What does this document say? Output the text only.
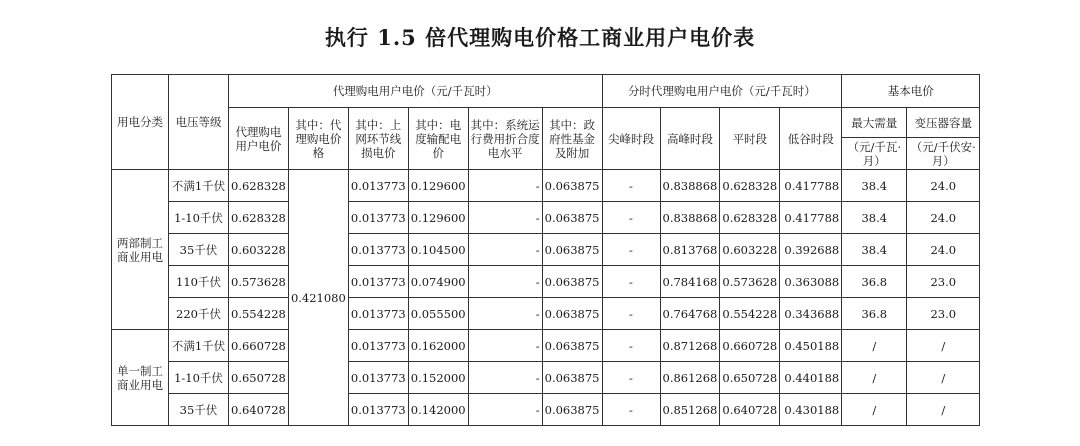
执行 1.5 倍代理购电价格工商业用户电价表
用电分类	电压等级	代理购电用户电价（元/千瓦时）						分时代理购电用户电价（元/千瓦时）				基本电价	
		代理购电用户电价	其中：代理购电价格	其中：上网环节线损电价	其中：电度输配电价	其中：系统运行费用折合度电水平	其中：政府性基金及附加	尖峰时段	高峰时段	平时段	低谷时段	最大需量	变压器容量
												（元/千瓦·月）	（元/千伏安·月）
两部制工商业用电	不满1千伏	0.628328	0.421080	0.013773	0.129600	-	0.063875	-	0.838868	0.628328	0.417788	38.4	24.0
	1-10千伏	0.628328		0.013773	0.129600	-	0.063875	-	0.838868	0.628328	0.417788	38.4	24.0
	35千伏	0.603228		0.013773	0.104500	-	0.063875	-	0.813768	0.603228	0.392688	38.4	24.0
	110千伏	0.573628		0.013773	0.074900	-	0.063875	-	0.784168	0.573628	0.363088	36.8	23.0
	220千伏	0.554228		0.013773	0.055500	-	0.063875	-	0.764768	0.554228	0.343688	36.8	23.0
单一制工商业用电	不满1千伏	0.660728		0.013773	0.162000	-	0.063875	-	0.871268	0.660728	0.450188	/	/
	1-10千伏	0.650728		0.013773	0.152000	-	0.063875	-	0.861268	0.650728	0.440188	/	/
	35千伏	0.640728		0.013773	0.142000	-	0.063875	-	0.851268	0.640728	0.430188	/	/
